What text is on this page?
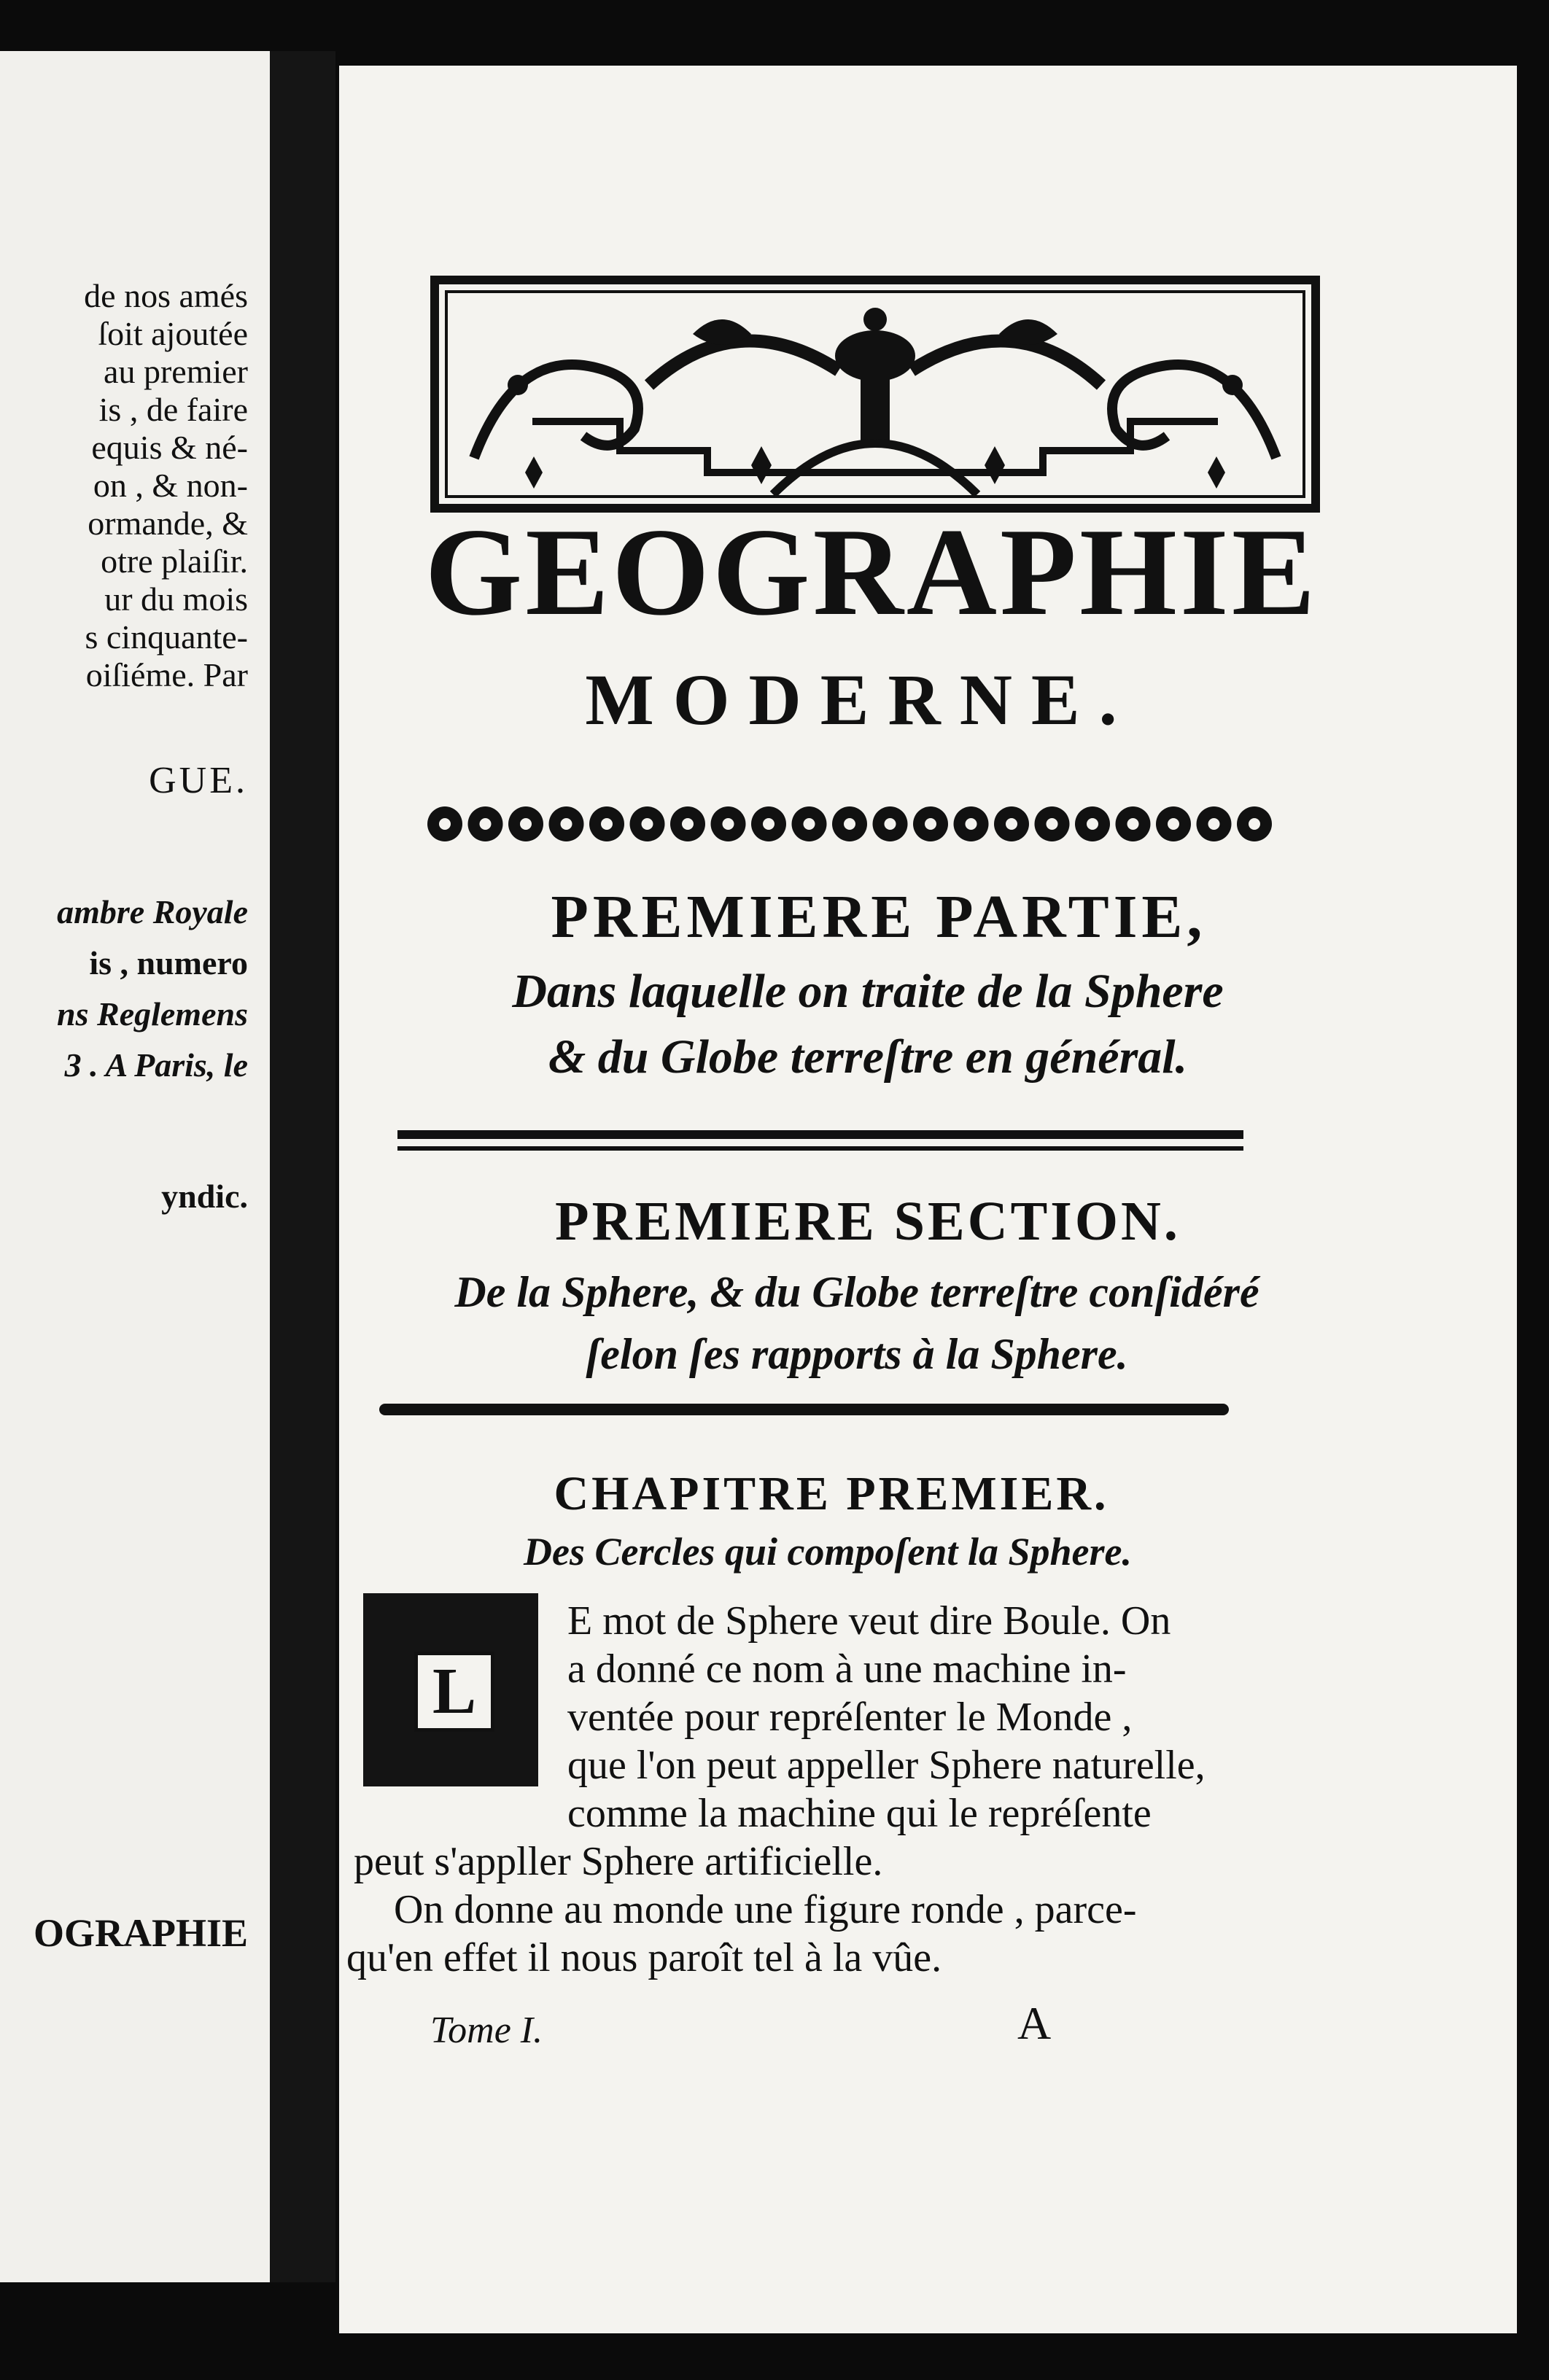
de nos amés
ſoit ajoutée
au premier
is , de faire
equis & né-
on , & non-
ormande, &
otre plaiſir.
ur du mois
s cinquante-
oiſiéme. Par
GUE.
ambre Royale
is , numero
ns Reglemens
3 . A Paris, le
yndic.
OGRAPHIE
GEOGRAPHIE
MODERNE.
PREMIERE PARTIE,
Dans laquelle on traite de la Sphere
& du Globe terreſtre en général.
PREMIERE SECTION.
De la Sphere, & du Globe terreſtre conſidéré
ſelon ſes rapports à la Sphere.
CHAPITRE PREMIER.
Des Cercles qui compoſent la Sphere.
L
E mot de Sphere veut dire Boule. On
a donné ce nom à une machine in-
ventée pour repréſenter le Monde ,
que l'on peut appeller Sphere naturelle,
comme la machine qui le repréſente
peut s'appller Sphere artificielle.
On donne au monde une figure ronde , parce-
qu'en effet il nous paroît tel à la vûe.
Tome I.	A
